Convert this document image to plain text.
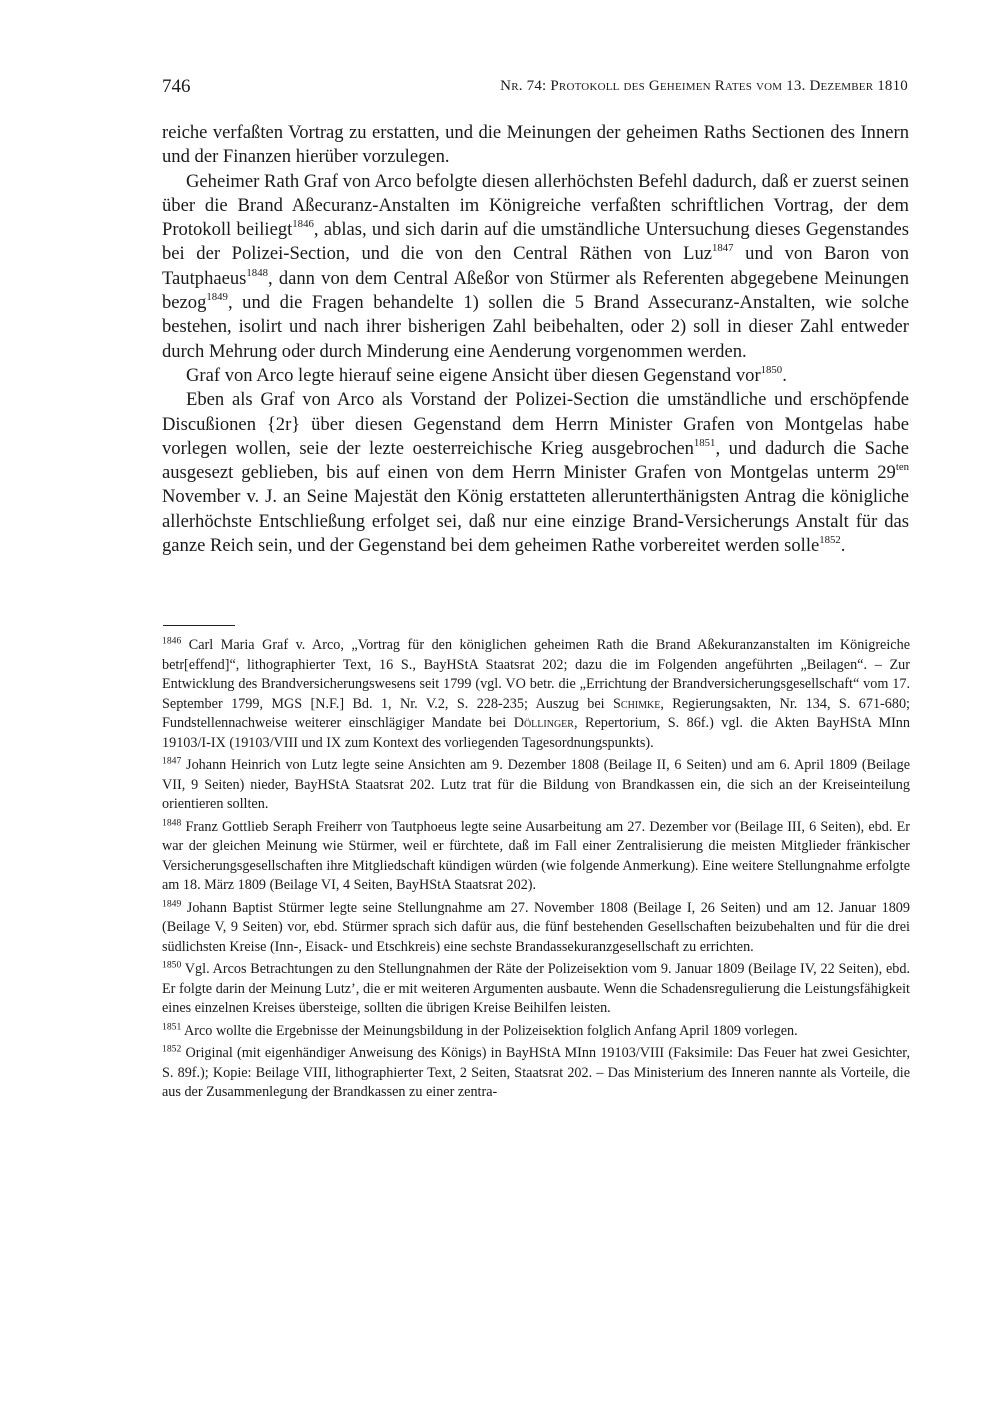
746	Nr. 74: Protokoll des Geheimen Rates vom 13. Dezember 1810

reiche verfaßten Vortrag zu erstatten, und die Meinungen der geheimen Raths Sectionen des Innern und der Finanzen hierüber vorzulegen.

Geheimer Rath Graf von Arco befolgte diesen allerhöchsten Befehl dadurch, daß er zuerst seinen über die Brand Aßecuranz-Anstalten im Königreiche verfaßten schriftlichen Vortrag, der dem Protokoll beiliegt$^{1846}$, ablas, und sich darin auf die umständliche Untersuchung dieses Gegenstandes bei der Polizei-Section, und die von den Central Räthen von Luz$^{1847}$ und von Baron von Tautphaeus$^{1848}$, dann von dem Central Aßeßor von Stürmer als Referenten abgegebene Meinungen bezog$^{1849}$, und die Fragen behandelte 1) sollen die 5 Brand Assecuranz-Anstalten, wie solche bestehen, isolirt und nach ihrer bisherigen Zahl beibehalten, oder 2) soll in dieser Zahl entweder durch Mehrung oder durch Minderung eine Aenderung vorgenommen werden.

Graf von Arco legte hierauf seine eigene Ansicht über diesen Gegenstand vor$^{1850}$.

Eben als Graf von Arco als Vorstand der Polizei-Section die umständliche und erschöpfende Discußionen {2r} über diesen Gegenstand dem Herrn Minister Grafen von Montgelas habe vorlegen wollen, seie der lezte oesterreichische Krieg ausgebrochen$^{1851}$, und dadurch die Sache ausgesezt geblieben, bis auf einen von dem Herrn Minister Grafen von Montgelas unterm $29^{ten}$ November v. J. an Seine Majestät den König erstatteten allerunterthänigsten Antrag die königliche allerhöchste Entschließung erfolget sei, daß nur eine einzige Brand-Versicherungs Anstalt für das ganze Reich sein, und der Gegenstand bei dem geheimen Rathe vorbereitet werden solle$^{1852}$.

$^{1846}$ Carl Maria Graf v. Arco, „Vortrag für den königlichen geheimen Rath die Brand Aßekuranzanstalten im Königreiche betr[effend]“, lithographierter Text, 16 S., BayHStA Staatsrat 202; dazu die im Folgenden angeführten „Beilagen“. – Zur Entwicklung des Brandversicherungswesens seit 1799 (vgl. VO betr. die „Errichtung der Brandversicherungsgesellschaft“ vom 17. September 1799, MGS [N.F.] Bd. 1, Nr. V.2, S. 228-235; Auszug bei Schimke, Regierungsakten, Nr. 134, S. 671-680; Fundstellennachweise weiterer einschlägiger Mandate bei Döllinger, Repertorium, S. 86f.) vgl. die Akten BayHStA MInn 19103/I-IX (19103/VIII und IX zum Kontext des vorliegenden Tagesordnungspunkts).

$^{1847}$ Johann Heinrich von Lutz legte seine Ansichten am 9. Dezember 1808 (Beilage II, 6 Seiten) und am 6. April 1809 (Beilage VII, 9 Seiten) nieder, BayHStA Staatsrat 202. Lutz trat für die Bildung von Brandkassen ein, die sich an der Kreiseinteilung orientieren sollten.

$^{1848}$ Franz Gottlieb Seraph Freiherr von Tautphoeus legte seine Ausarbeitung am 27. Dezember vor (Beilage III, 6 Seiten), ebd. Er war der gleichen Meinung wie Stürmer, weil er fürchtete, daß im Fall einer Zentralisierung die meisten Mitglieder fränkischer Versicherungsgesellschaften ihre Mitgliedschaft kündigen würden (wie folgende Anmerkung). Eine weitere Stellungnahme erfolgte am 18. März 1809 (Beilage VI, 4 Seiten, BayHStA Staatsrat 202).

$^{1849}$ Johann Baptist Stürmer legte seine Stellungnahme am 27. November 1808 (Beilage I, 26 Seiten) und am 12. Januar 1809 (Beilage V, 9 Seiten) vor, ebd. Stürmer sprach sich dafür aus, die fünf bestehenden Gesellschaften beizubehalten und für die drei südlichsten Kreise (Inn-, Eisack- und Etschkreis) eine sechste Brandassekuranzgesellschaft zu errichten.

$^{1850}$ Vgl. Arcos Betrachtungen zu den Stellungnahmen der Räte der Polizeisektion vom 9. Januar 1809 (Beilage IV, 22 Seiten), ebd. Er folgte darin der Meinung Lutz’, die er mit weiteren Argumenten ausbaute. Wenn die Schadensregulierung die Leistungsfähigkeit eines einzelnen Kreises übersteige, sollten die übrigen Kreise Beihilfen leisten.

$^{1851}$ Arco wollte die Ergebnisse der Meinungsbildung in der Polizeisektion folglich Anfang April 1809 vorlegen.

$^{1852}$ Original (mit eigenhändiger Anweisung des Königs) in BayHStA MInn 19103/VIII (Faksimile: Das Feuer hat zwei Gesichter, S. 89f.); Kopie: Beilage VIII, lithographierter Text, 2 Seiten, Staatsrat 202. – Das Ministerium des Inneren nannte als Vorteile, die aus der Zusammenlegung der Brandkassen zu einer zentra-
